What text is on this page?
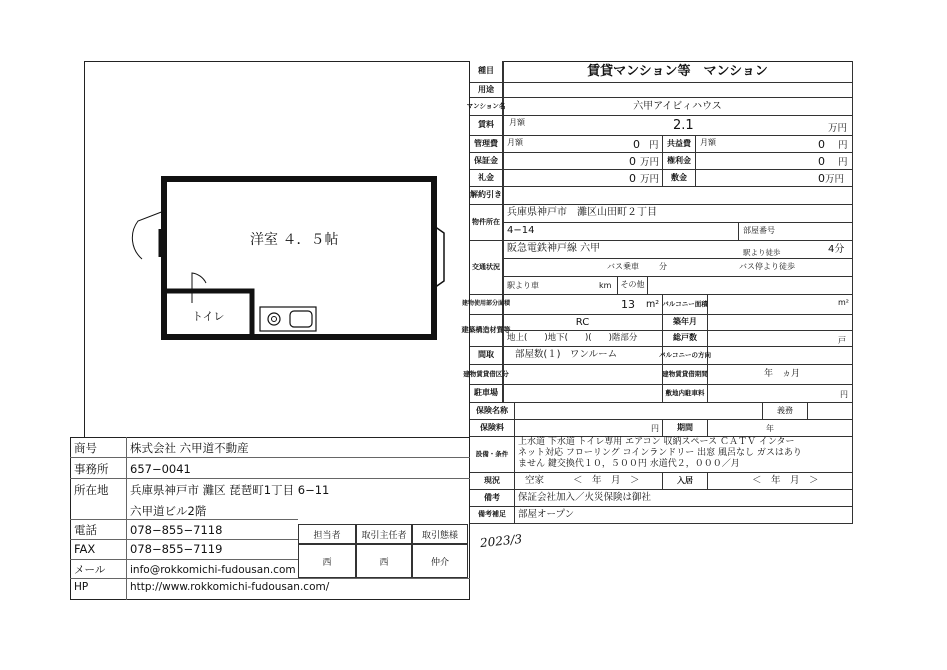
洋室 ４．５帖
トイレ
商号	株式会社 六甲道不動産
事務所 657−0041
所在地 兵庫県神戸市 灘区 琵琶町1丁目 6−11
六甲道ビル2階
電話	078−855−7118
FAX	078−855−7119
メール info@rokkomichi-fudousan.com
HP	http://www.rokkomichi-fudousan.com/
担当者	取引主任者	取引態様
西	西	仲介
種目	賃貸マンション等　マンション
用途
マンション名	六甲アイビィハウス
賃料	月額	2.1	万円
管理費	月額	0 円	共益費	月額	0 円
保証金	0 万円 権利金	0 円
礼金	0 万円	敷金	0 万円
解約引き
物件所在
兵庫県神戸市　灘区山田町２丁目
4−14	部屋番号
交通状況
阪急電鉄神戸線 六甲	駅より徒歩	4分
バス乗車	分	バス停より徒歩
駅より車	km	その他
建物使用部分面積	13 m² バルコニー面積	m²
建築構造材質等
RC	築年月
地上(　　)地下(　　)(　　)階部分	総戸数	戸
間取	部屋数(１)　ワンルーム	バルコニーの方向
建物賃貸借区分	建物賃貸借期間	年　ヵ月
駐車場	敷地内駐車料	円
保険名称	義務
保険料	円	期間	年
設備・条件
上水道 下水道 トイレ専用 エアコン 収納スペース ＣＡＴＶ インター
ネット対応 フローリング コインランドリー 出窓 風呂なし ガスはあり
ません 鍵交換代１０，５００円 水道代２，０００／月
現況	空家	＜　年　月　＞	入居	＜　年　月　＞
備考	保証会社加入／火災保険は御社
備考補足	部屋オープン
2023/3
